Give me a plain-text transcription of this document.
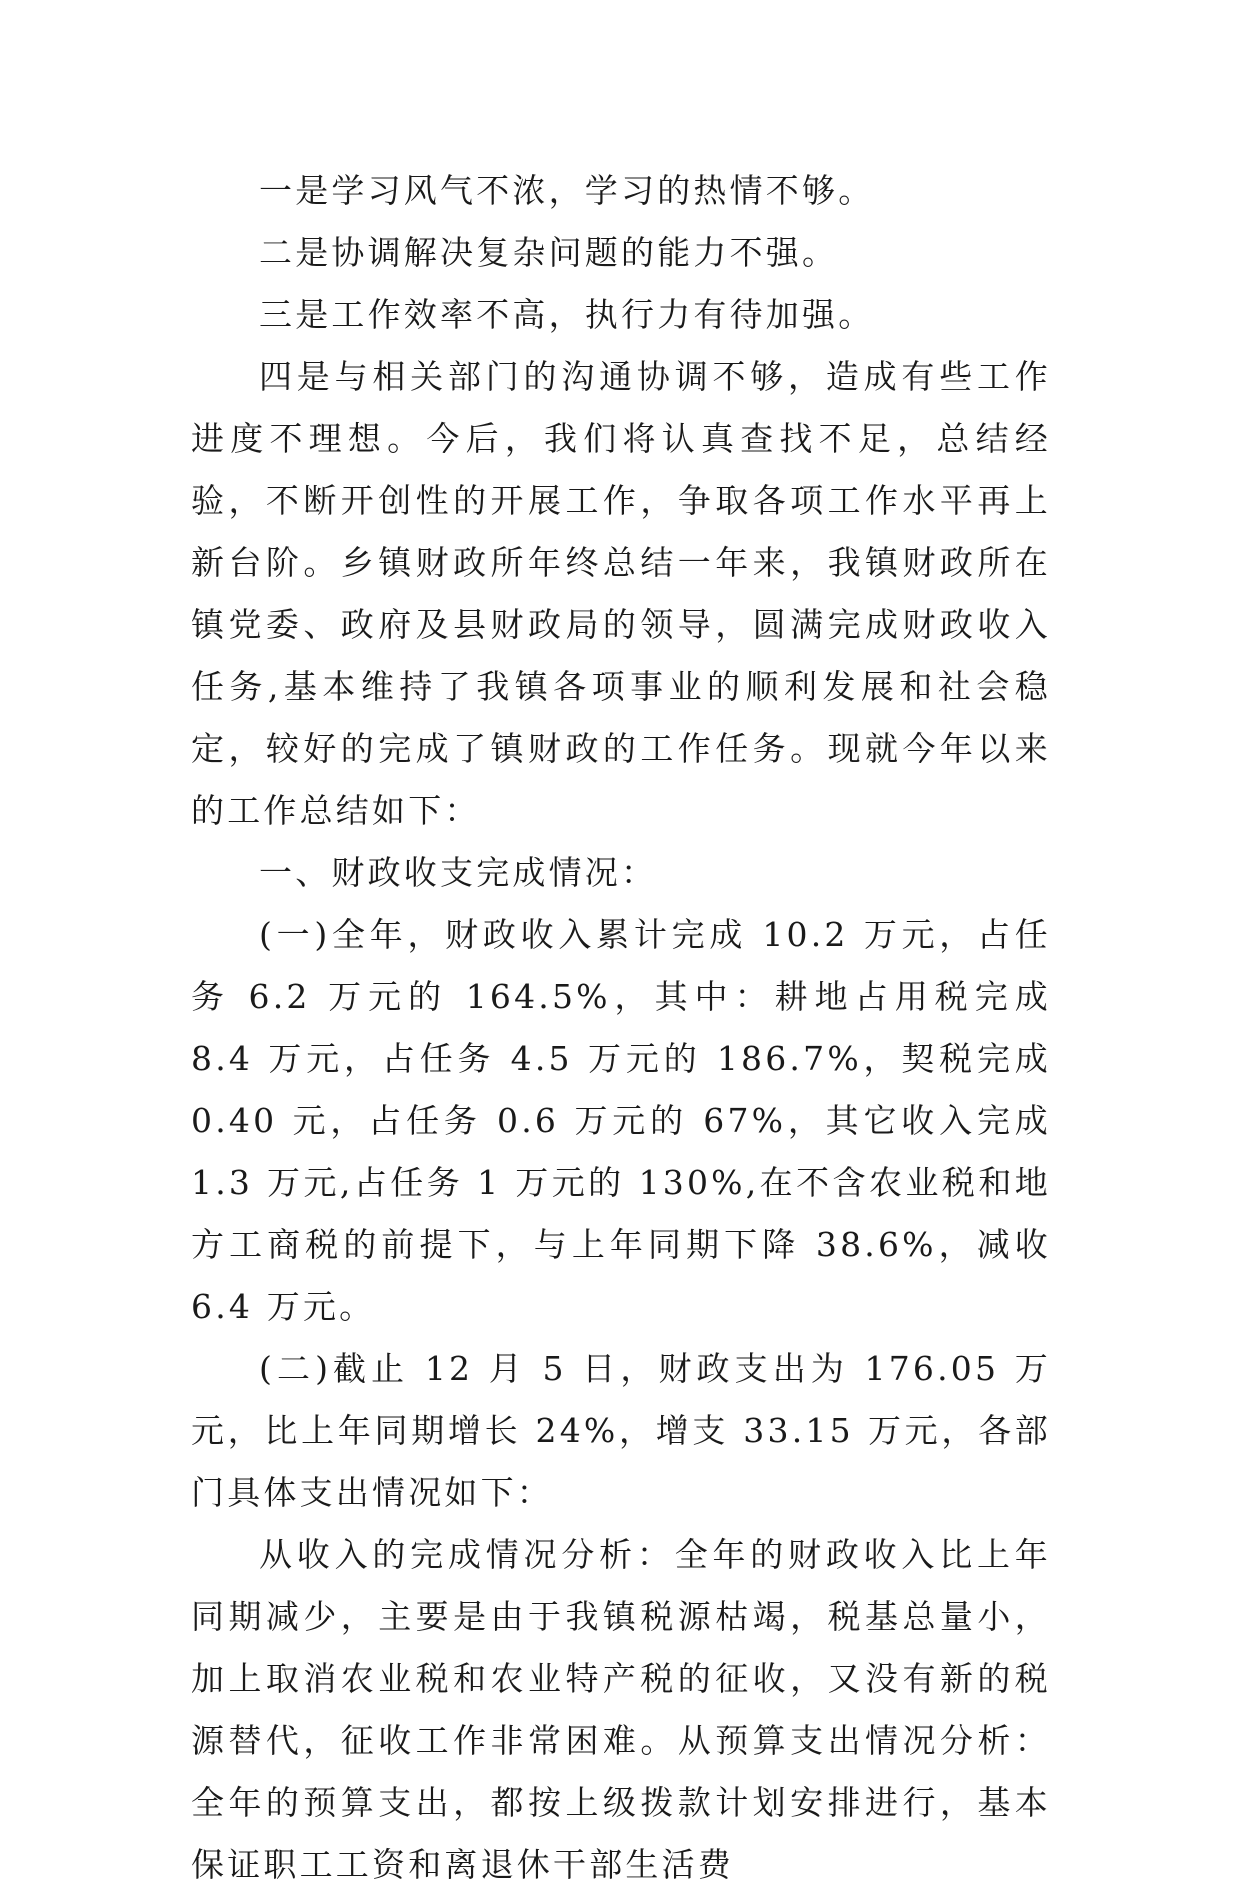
一是学习风气不浓，学习的热情不够。

二是协调解决复杂问题的能力不强。

三是工作效率不高，执行力有待加强。

四是与相关部门的沟通协调不够，造成有些工作进度不理想。今后，我们将认真查找不足，总结经验，不断开创性的开展工作，争取各项工作水平再上新台阶。乡镇财政所年终总结一年来，我镇财政所在镇党委、政府及县财政局的领导，圆满完成财政收入任务,基本维持了我镇各项事业的顺利发展和社会稳定，较好的完成了镇财政的工作任务。现就今年以来的工作总结如下：

一、财政收支完成情况：

(一)全年，财政收入累计完成 10.2 万元，占任务 6.2 万元的 164.5%，其中：耕地占用税完成 8.4 万元，占任务 4.5 万元的 186.7%，契税完成 0.40 元，占任务 0.6 万元的 67%，其它收入完成 1.3 万元,占任务 1 万元的 130%,在不含农业税和地方工商税的前提下，与上年同期下降 38.6%，减收 6.4 万元。

(二)截止 12 月 5 日，财政支出为 176.05 万元，比上年同期增长 24%，增支 33.15 万元，各部门具体支出情况如下：

从收入的完成情况分析：全年的财政收入比上年同期减少，主要是由于我镇税源枯竭，税基总量小，加上取消农业税和农业特产税的征收，又没有新的税源替代，征收工作非常困难。从预算支出情况分析：全年的预算支出，都按上级拨款计划安排进行，基本保证职工工资和离退休干部生活费
